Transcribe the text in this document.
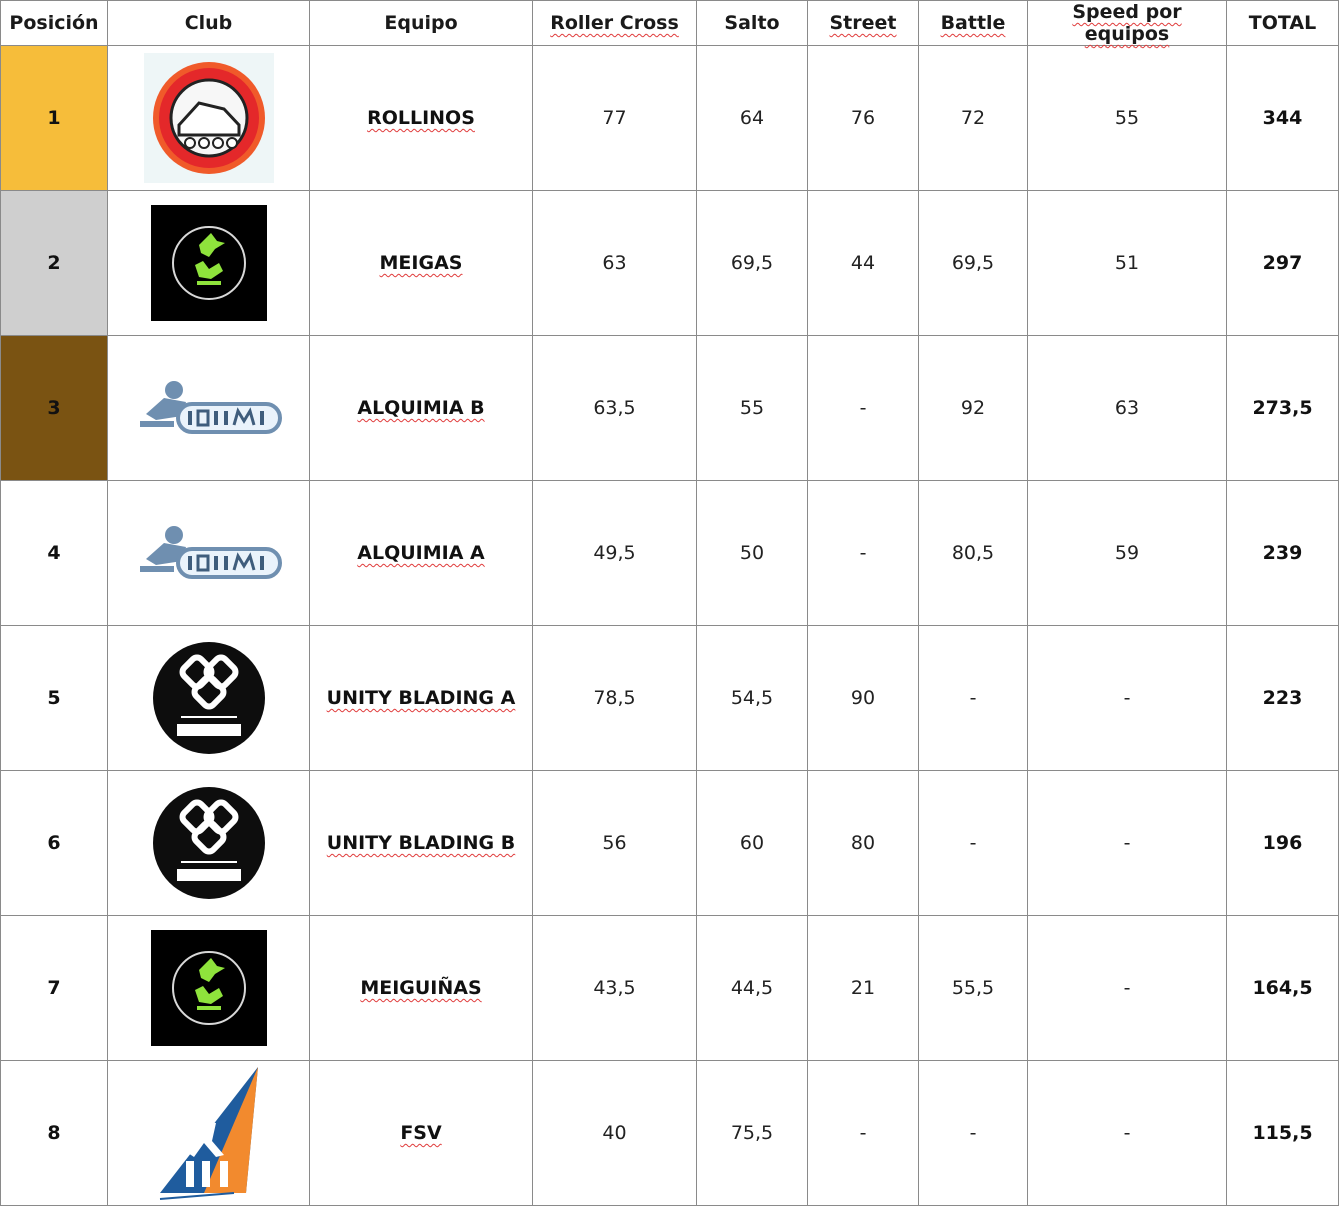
Posición	Club	Equipo	Roller Cross	Salto	Street	Battle	Speed por equipos	TOTAL
1		ROLLINOS	77	64	76	72	55	344
2		MEIGAS	63	69,5	44	69,5	51	297
3		ALQUIMIA B	63,5	55	-	92	63	273,5
4		ALQUIMIA A	49,5	50	-	80,5	59	239
5		UNITY BLADING A	78,5	54,5	90	-	-	223
6		UNITY BLADING B	56	60	80	-	-	196
7		MEIGUIÑAS	43,5	44,5	21	55,5	-	164,5
8		FSV	40	75,5	-	-	-	115,5
